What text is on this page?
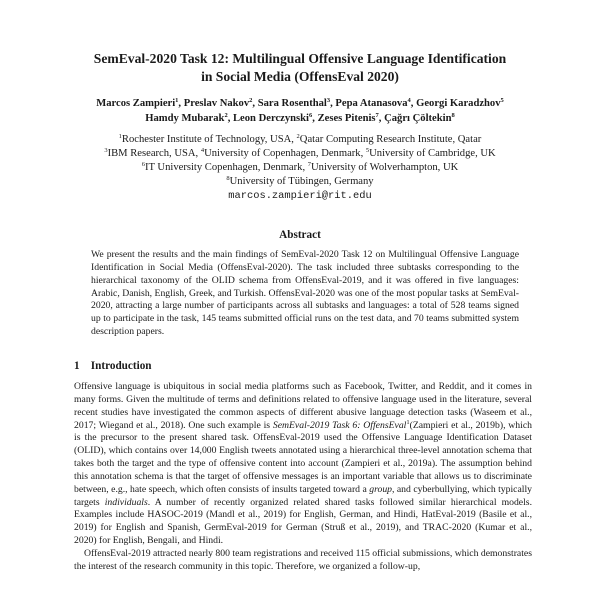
SemEval-2020 Task 12: Multilingual Offensive Language Identification
in Social Media (OffensEval 2020)
Marcos Zampieri$^1$, Preslav Nakov$^2$, Sara Rosenthal$^3$, Pepa Atanasova$^4$, Georgi Karadzhov$^5$
Hamdy Mubarak$^2$, Leon Derczynski$^6$, Zeses Pitenis$^7$, Çağrı Çöltekin$^8$
$^1$Rochester Institute of Technology, USA, $^2$Qatar Computing Research Institute, Qatar
$^3$IBM Research, USA, $^4$University of Copenhagen, Denmark, $^5$University of Cambridge, UK
$^6$IT University Copenhagen, Denmark, $^7$University of Wolverhampton, UK
$^8$University of Tübingen, Germany
marcos.zampieri@rit.edu
Abstract
We present the results and the main findings of SemEval-2020 Task 12 on Multilingual Offensive Language Identification in Social Media (OffensEval-2020). The task included three subtasks corresponding to the hierarchical taxonomy of the OLID schema from OffensEval-2019, and it was offered in five languages: Arabic, Danish, English, Greek, and Turkish. OffensEval-2020 was one of the most popular tasks at SemEval-2020, attracting a large number of participants across all subtasks and languages: a total of 528 teams signed up to participate in the task, 145 teams submitted official runs on the test data, and 70 teams submitted system description papers.
1 Introduction

Offensive language is ubiquitous in social media platforms such as Facebook, Twitter, and Reddit, and it comes in many forms. Given the multitude of terms and definitions related to offensive language used in the literature, several recent studies have investigated the common aspects of different abusive language detection tasks (Waseem et al., 2017; Wiegand et al., 2018). One such example is SemEval-2019 Task 6: OffensEval$^1$(Zampieri et al., 2019b), which is the precursor to the present shared task. OffensEval-2019 used the Offensive Language Identification Dataset (OLID), which contains over 14,000 English tweets annotated using a hierarchical three-level annotation schema that takes both the target and the type of offensive content into account (Zampieri et al., 2019a). The assumption behind this annotation schema is that the target of offensive messages is an important variable that allows us to discriminate between, e.g., hate speech, which often consists of insults targeted toward a group, and cyberbullying, which typically targets individuals. A number of recently organized related shared tasks followed similar hierarchical models. Examples include HASOC-2019 (Mandl et al., 2019) for English, German, and Hindi, HatEval-2019 (Basile et al., 2019) for English and Spanish, GermEval-2019 for German (Struß et al., 2019), and TRAC-2020 (Kumar et al., 2020) for English, Bengali, and Hindi.

OffensEval-2019 attracted nearly 800 team registrations and received 115 official submissions, which demonstrates the interest of the research community in this topic. Therefore, we organized a follow-up,
